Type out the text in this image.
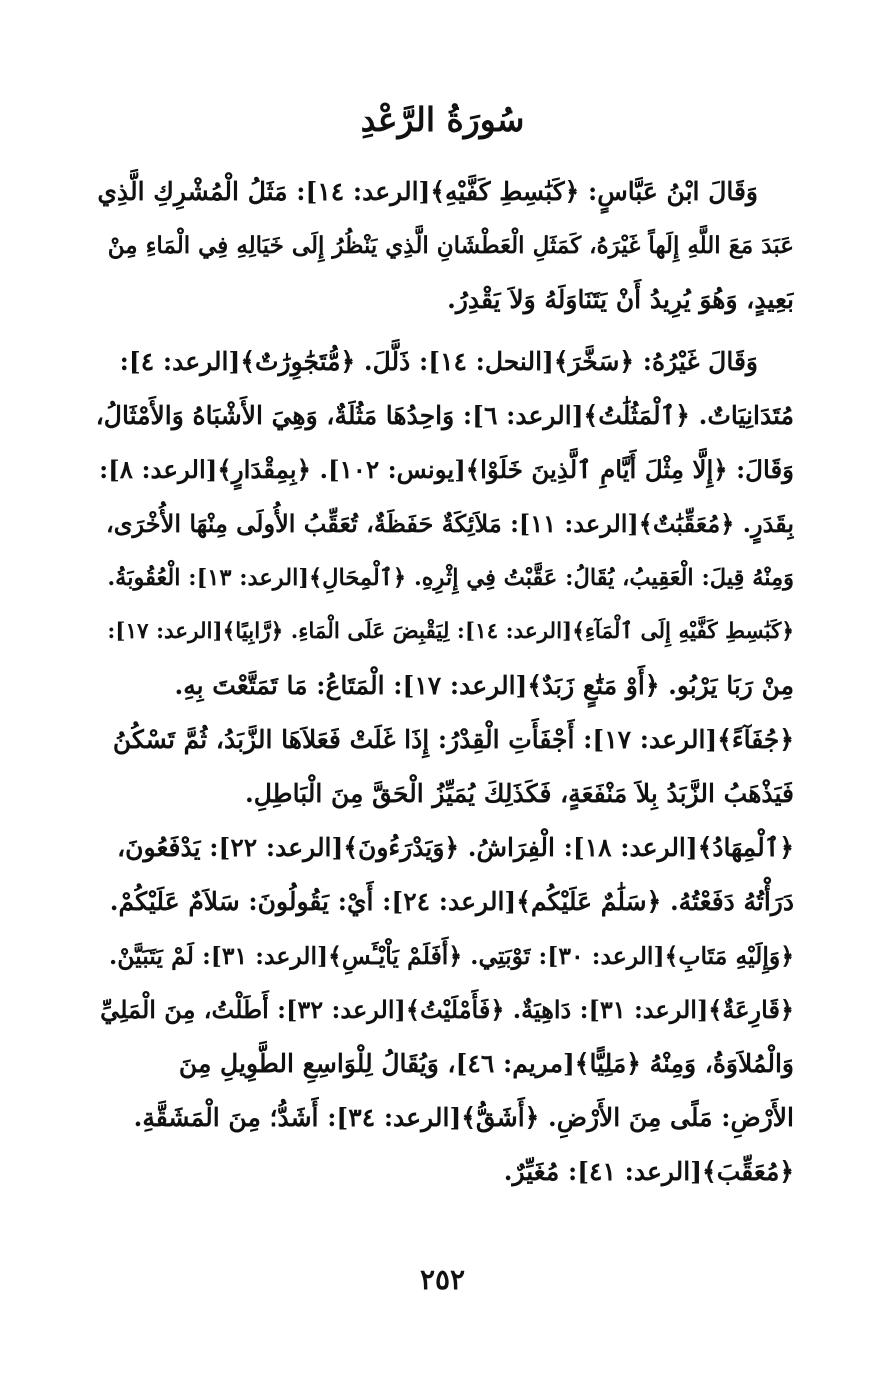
سُورَةُ الرَّعْدِ
وَقَالَ ابْنُ عَبَّاسٍ: ﴿كَبَٰسِطِ كَفَّيْهِ﴾[الرعد: ١٤]: مَثَلُ الْمُشْرِكِ الَّذِي
عَبَدَ مَعَ اللَّهِ إِلَهاً غَيْرَهُ، كَمَثَلِ الْعَطْشَانِ الَّذِي يَنْظُرُ إِلَى خَيَالِهِ فِي الْمَاءِ مِنْ
بَعِيدٍ، وَهُوَ يُرِيدُ أَنْ يَتَنَاوَلَهُ وَلاَ يَقْدِرُ.
وَقَالَ غَيْرُهُ: ﴿سَخَّرَ﴾[النحل: ١٤]: ذَلَّلَ. ﴿مُّتَجَٰوِرَٰتٌ﴾[الرعد: ٤]:
مُتَدَانِيَاتٌ. ﴿ٱلْمَثُلَٰتُ﴾[الرعد: ٦]: وَاحِدُهَا مَثُلَةٌ، وَهِيَ الأَشْبَاهُ وَالأَمْثَالُ،
وَقَالَ: ﴿إِلَّا مِثْلَ أَيَّامِ ٱلَّذِينَ خَلَوْا﴾[يونس: ١٠٢]. ﴿بِمِقْدَارٍ﴾[الرعد: ٨]:
بِقَدَرٍ. ﴿مُعَقِّبَٰتٌ﴾[الرعد: ١١]: مَلاَئِكَةٌ حَفَظَةٌ، تُعَقِّبُ الأُولَى مِنْهَا الأُخْرَى،
وَمِنْهُ قِيلَ: الْعَقِيبُ، يُقَالُ: عَقَّبْتُ فِي إِثْرِهِ. ﴿ٱلْمِحَالِ﴾[الرعد: ١٣]: الْعُقُوبَةُ.
﴿كَبَٰسِطِ كَفَّيْهِ إِلَى ٱلْمَآءِ﴾[الرعد: ١٤]: لِيَقْبِضَ عَلَى الْمَاءِ. ﴿رَّابِيًا﴾[الرعد: ١٧]:
مِنْ رَبَا يَرْبُو. ﴿أَوْ مَتَٰعٍ زَبَدٌ﴾[الرعد: ١٧]: الْمَتَاعُ: مَا تَمَتَّعْتَ بِهِ.
﴿جُفَآءً﴾[الرعد: ١٧]: أَجْفَأَتِ الْقِدْرُ: إِذَا غَلَتْ فَعَلاَهَا الزَّبَدُ، ثُمَّ تَسْكُنُ
فَيَذْهَبُ الزَّبَدُ بِلاَ مَنْفَعَةٍ، فَكَذَلِكَ يُمَيِّزُ الْحَقَّ مِنَ الْبَاطِلِ.
﴿ٱلْمِهَادُ﴾[الرعد: ١٨]: الْفِرَاشُ. ﴿وَيَدْرَءُونَ﴾[الرعد: ٢٢]: يَدْفَعُونَ،
دَرَأْتُهُ دَفَعْتُهُ. ﴿سَلَٰمٌ عَلَيْكُم﴾[الرعد: ٢٤]: أَيْ: يَقُولُونَ: سَلاَمٌ عَلَيْكُمْ.
﴿وَإِلَيْهِ مَتَابِ﴾[الرعد: ٣٠]: تَوْبَتِي. ﴿أَفَلَمْ يَاْيْـَٔسِ﴾[الرعد: ٣١]: لَمْ يَتَبَيَّنْ.
﴿قَارِعَةٌ﴾[الرعد: ٣١]: دَاهِيَةٌ. ﴿فَأَمْلَيْتُ﴾[الرعد: ٣٢]: أَطَلْتُ، مِنَ الْمَلِيِّ
وَالْمُلاَوَةُ، وَمِنْهُ ﴿مَلِيًّا﴾[مريم: ٤٦]، وَيُقَالُ لِلْوَاسِعِ الطَّوِيلِ مِنَ
الأَرْضِ: مَلًى مِنَ الأَرْضِ. ﴿أَشَقُّ﴾[الرعد: ٣٤]: أَشَدُّ؛ مِنَ الْمَشَقَّةِ.
﴿مُعَقِّبَ﴾[الرعد: ٤١]: مُغَيِّرٌ.
٢٥٢
